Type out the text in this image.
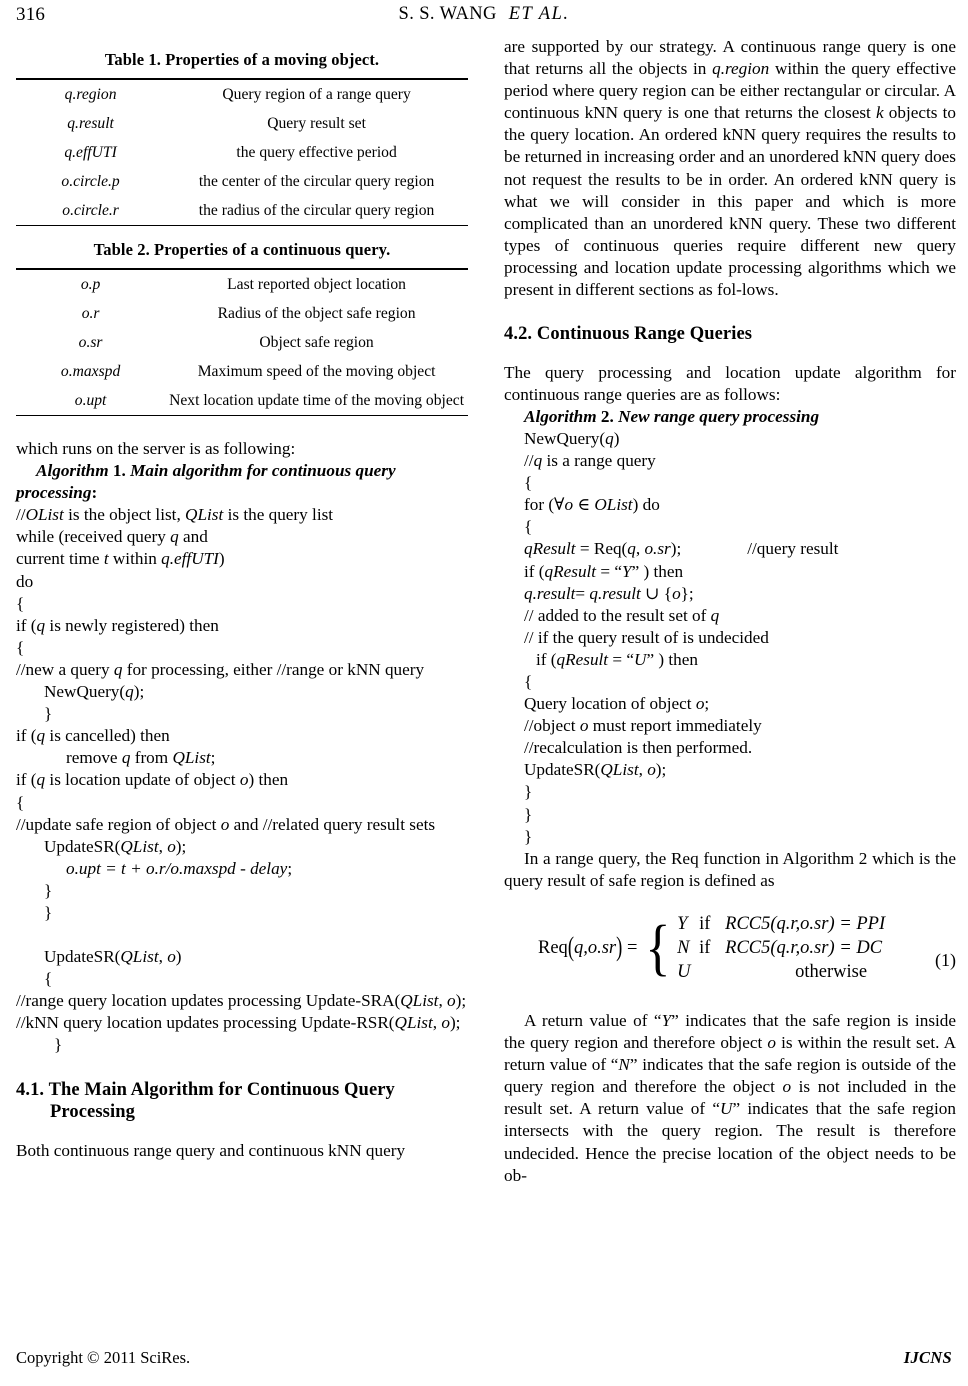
316	S. S. WANG ET AL.
Table 1. Properties of a moving object.
q.region	Query region of a range query
q.result	Query result set
q.effUTI	the query effective period
o.circle.p	the center of the circular query region
o.circle.r	the radius of the circular query region
Table 2. Properties of a continuous query.
o.p	Last reported object location
o.r	Radius of the object safe region
o.sr	Object safe region
o.maxspd	Maximum speed of the moving object
o.upt	Next location update time of the moving object

which runs on the server is as following:

Algorithm 1. Main algorithm for continuous query processing:
//OList is the object list, QList is the query list
while (received query q and
current time t within q.effUTI)
do
{
if (q is newly registered) then
{
//new a query q for processing, either //range or kNN query
NewQuery(q);
}
if (q is cancelled) then
remove q from QList;
if (q is location update of object o) then
{
//update safe region of object o and //related query result sets
UpdateSR(QList, o);
o.upt = t + o.r/o.maxspd - delay;
}
}
UpdateSR(QList, o)
{
//range query location updates processing Update-SRA(QList, o);
//kNN query location updates processing Update-RSR(QList, o);
}
4.1. The Main Algorithm for Continuous Query
Processing

Both continuous range query and continuous kNN query

are supported by our strategy. A continuous range query is one that returns all the objects in q.region within the query effective period where query region can be either rectangular or circular. A continuous kNN query is one that returns the closest k objects to the query location. An ordered kNN query requires the results to be returned in increasing order and an unordered kNN query does not request the results to be in order. An ordered kNN query is what we will consider in this paper and which is more complicated than an unordered kNN query. These two different types of continuous queries require different new query processing and location update processing algorithms which we present in different sections as fol-lows.

4.2. Continuous Range Queries

The query processing and location update algorithm for continuous range queries are as follows:

Algorithm 2. New range query processing
NewQuery(q)
//q is a range query
{
for (∀o ∈ OList) do
{
qResult = Req(q, o.sr);	//query result
if (qResult = “Y” ) then
q.result= q.result ∪ {o};
// added to the result set of q
// if the query result of is undecided
if (qResult = “U” ) then
{
Query location of object o;
//object o must report immediately
//recalculation is then performed.
UpdateSR(QList, o);
}
}
}

In a range query, the Req function in Algorithm 2 which is the query result of safe region is defined as

Req(q,o.sr) = { Y if RCC5(q.r,o.sr) = PPI
N if RCC5(q.r,o.sr) = DC
U	otherwise
(1)

A return value of “Y” indicates that the safe region is inside the query region and therefore object o is within the result set. A return value of “N” indicates that the safe region is outside of the query region and therefore the object o is not included in the result set. A return value of “U” indicates that the safe region intersects with the query region. The result is therefore undecided. Hence the precise location of the object needs to be ob-

Copyright © 2011 SciRes.	IJCNS
